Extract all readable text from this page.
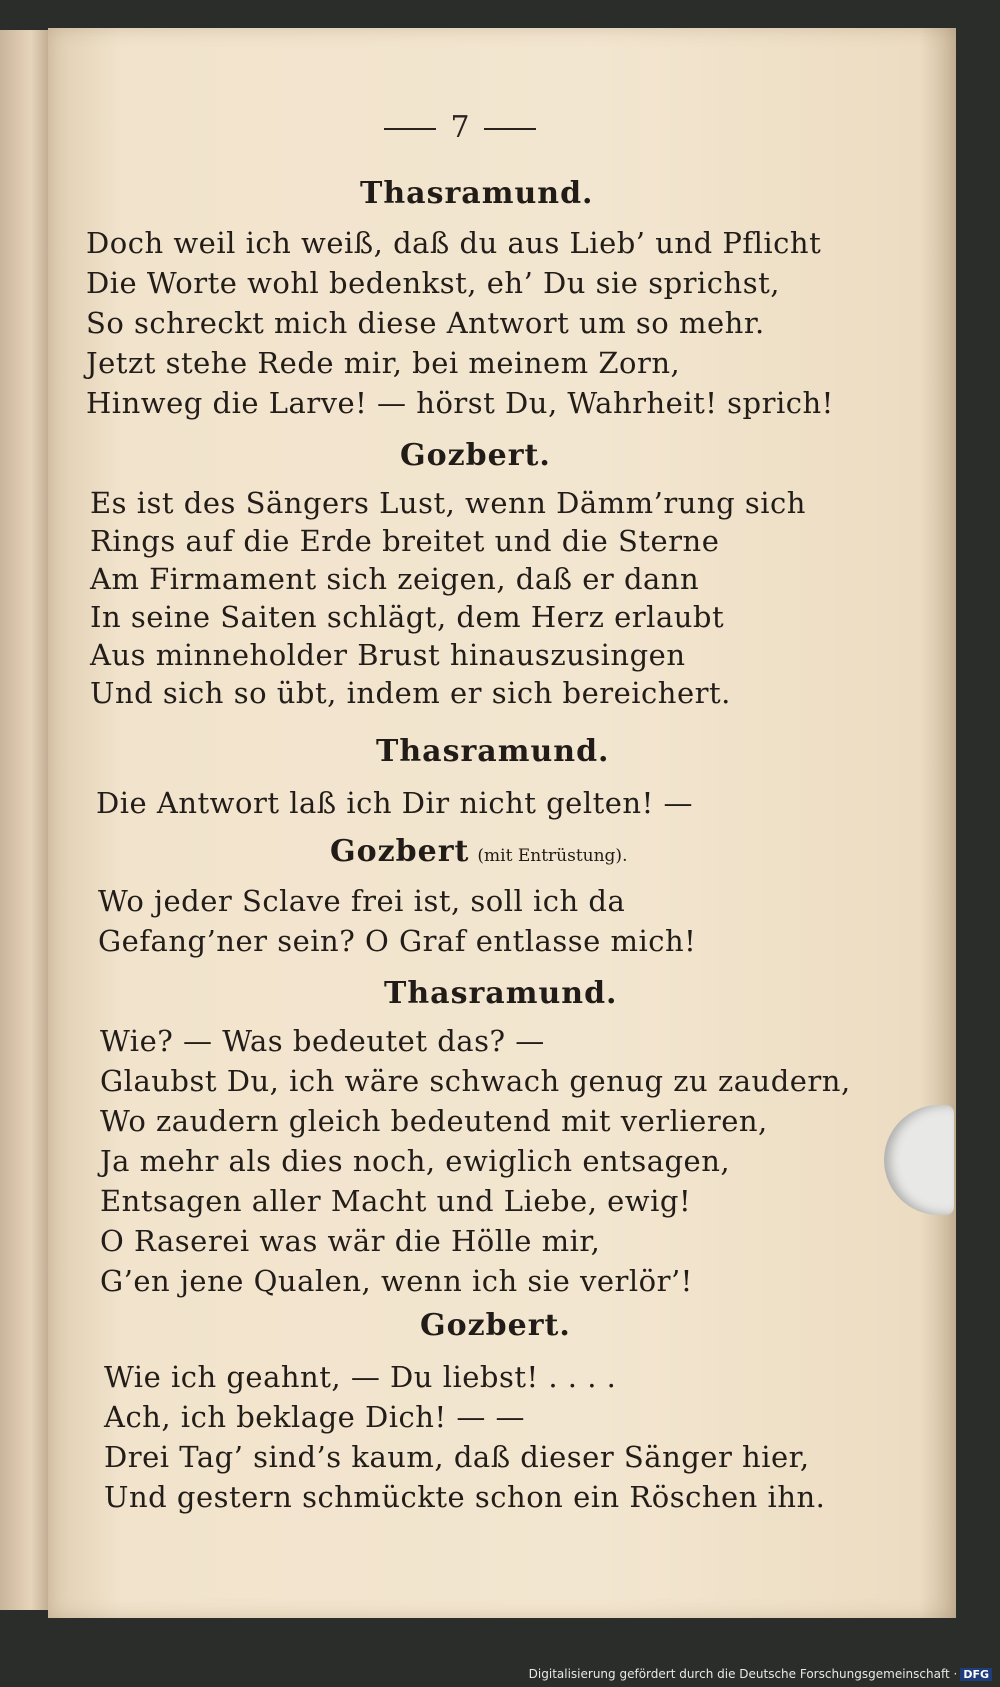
7
Thasramund.
Doch weil ich weiß, daß du aus Lieb’ und Pflicht
Die Worte wohl bedenkst, eh’ Du sie sprichst,
So schreckt mich diese Antwort um so mehr.
Jetzt stehe Rede mir, bei meinem Zorn,
Hinweg die Larve! — hörst Du, Wahrheit! sprich!
Gozbert.
Es ist des Sängers Lust, wenn Dämm’rung sich
Rings auf die Erde breitet und die Sterne
Am Firmament sich zeigen, daß er dann
In seine Saiten schlägt, dem Herz erlaubt
Aus minneholder Brust hinauszusingen
Und sich so übt, indem er sich bereichert.
Thasramund.
Die Antwort laß ich Dir nicht gelten! —
Gozbert (mit Entrüstung).
Wo jeder Sclave frei ist, soll ich da
Gefang’ner sein? O Graf entlasse mich!
Thasramund.
Wie? — Was bedeutet das? —
Glaubst Du, ich wäre schwach genug zu zaudern,
Wo zaudern gleich bedeutend mit verlieren,
Ja mehr als dies noch, ewiglich entsagen,
Entsagen aller Macht und Liebe, ewig!
O Raserei was wär die Hölle mir,
G’en jene Qualen, wenn ich sie verlör’!
Gozbert.
Wie ich geahnt, — Du liebst! . . . .
Ach, ich beklage Dich! — —
Drei Tag’ sind’s kaum, daß dieser Sänger hier,
Und gestern schmückte schon ein Röschen ihn.
Digitalisierung gefördert durch die Deutsche Forschungsgemeinschaft · DFG
